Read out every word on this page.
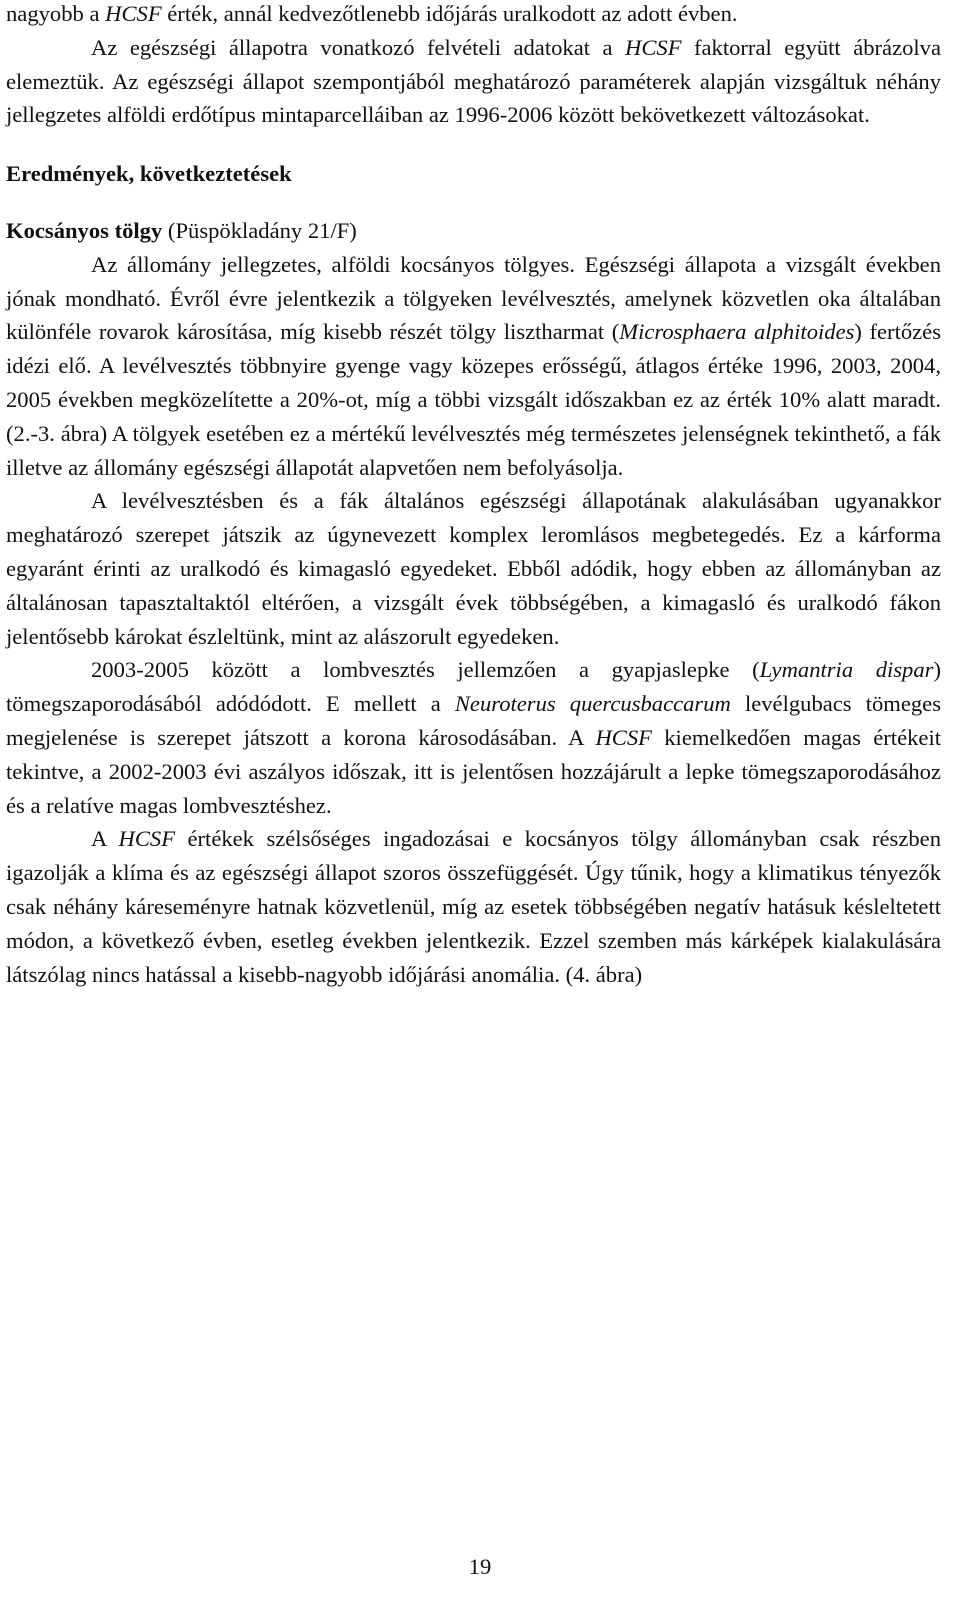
nagyobb a HCSF érték, annál kedvezőtlenebb időjárás uralkodott az adott évben.

Az egészségi állapotra vonatkozó felvételi adatokat a HCSF faktorral együtt ábrázolva elemeztük. Az egészségi állapot szempontjából meghatározó paraméterek alapján vizsgáltuk néhány jellegzetes alföldi erdőtípus mintaparcelláiban az 1996-2006 között bekövetkezett változásokat.

Eredmények, következtetések
Kocsányos tölgy (Püspökladány 21/F)

Az állomány jellegzetes, alföldi kocsányos tölgyes. Egészségi állapota a vizsgált években jónak mondható. Évről évre jelentkezik a tölgyeken levélvesztés, amelynek közvetlen oka általában különféle rovarok károsítása, míg kisebb részét tölgy lisztharmat (Microsphaera alphitoides) fertőzés idézi elő. A levélvesztés többnyire gyenge vagy közepes erősségű, átlagos értéke 1996, 2003, 2004, 2005 években megközelítette a 20%-ot, míg a többi vizsgált időszakban ez az érték 10% alatt maradt. (2.-3. ábra) A tölgyek esetében ez a mértékű levélvesztés még természetes jelenségnek tekinthető, a fák illetve az állomány egészségi állapotát alapvetően nem befolyásolja.

A levélvesztésben és a fák általános egészségi állapotának alakulásában ugyanakkor meghatározó szerepet játszik az úgynevezett komplex leromlásos megbetegedés. Ez a kárforma egyaránt érinti az uralkodó és kimagasló egyedeket. Ebből adódik, hogy ebben az állományban az általánosan tapasztaltaktól eltérően, a vizsgált évek többségében, a kimagasló és uralkodó fákon jelentősebb károkat észleltünk, mint az alászorult egyedeken.

2003-2005 között a lombvesztés jellemzően a gyapjaslepke (Lymantria dispar) tömegszaporodásából adódódott. E mellett a Neuroterus quercusbaccarum levélgubacs tömeges megjelenése is szerepet játszott a korona károsodásában. A HCSF kiemelkedően magas értékeit tekintve, a 2002-2003 évi aszályos időszak, itt is jelentősen hozzájárult a lepke tömegszaporodásához és a relatíve magas lombvesztéshez.

A HCSF értékek szélsőséges ingadozásai e kocsányos tölgy állományban csak részben igazolják a klíma és az egészségi állapot szoros összefüggését. Úgy tűnik, hogy a klimatikus tényezők csak néhány káreseményre hatnak közvetlenül, míg az esetek többségében negatív hatásuk késleltetett módon, a következő évben, esetleg években jelentkezik. Ezzel szemben más kárképek kialakulására látszólag nincs hatással a kisebb-nagyobb időjárási anomália. (4. ábra)

19
